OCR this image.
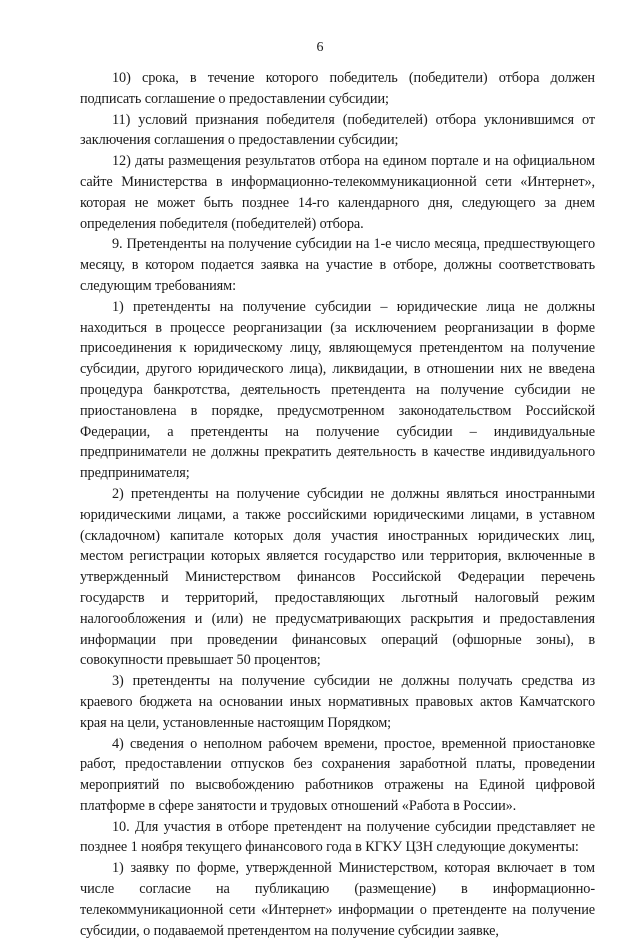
6

10) срока, в течение которого победитель (победители) отбора должен подписать соглашение о предоставлении субсидии;

11) условий признания победителя (победителей) отбора уклонившимся от заключения соглашения о предоставлении субсидии;

12) даты размещения результатов отбора на едином портале и на официальном сайте Министерства в информационно-телекоммуникационной сети «Интернет», которая не может быть позднее 14-го календарного дня, следующего за днем определения победителя (победителей) отбора.

9. Претенденты на получение субсидии на 1-е число месяца, предшествующего месяцу, в котором подается заявка на участие в отборе, должны соответствовать следующим требованиям:

1) претенденты на получение субсидии – юридические лица не должны находиться в процессе реорганизации (за исключением реорганизации в форме присоединения к юридическому лицу, являющемуся претендентом на получение субсидии, другого юридического лица), ликвидации, в отношении них не введена процедура банкротства, деятельность претендента на получение субсидии не приостановлена в порядке, предусмотренном законодательством Российской Федерации, а претенденты на получение субсидии – индивидуальные предприниматели не должны прекратить деятельность в качестве индивидуального предпринимателя;

2) претенденты на получение субсидии не должны являться иностранными юридическими лицами, а также российскими юридическими лицами, в уставном (складочном) капитале которых доля участия иностранных юридических лиц, местом регистрации которых является государство или территория, включенные в утвержденный Министерством финансов Российской Федерации перечень государств и территорий, предоставляющих льготный налоговый режим налогообложения и (или) не предусматривающих раскрытия и предоставления информации при проведении финансовых операций (офшорные зоны), в совокупности превышает 50 процентов;

3) претенденты на получение субсидии не должны получать средства из краевого бюджета на основании иных нормативных правовых актов Камчатского края на цели, установленные настоящим Порядком;

4) сведения о неполном рабочем времени, простое, временной приостановке работ, предоставлении отпусков без сохранения заработной платы, проведении мероприятий по высвобождению работников отражены на Единой цифровой платформе в сфере занятости и трудовых отношений «Работа в России».

10. Для участия в отборе претендент на получение субсидии представляет не позднее 1 ноября текущего финансового года в КГКУ ЦЗН следующие документы:

1) заявку по форме, утвержденной Министерством, которая включает в том числе согласие на публикацию (размещение) в информационно-телекоммуникационной сети «Интернет» информации о претенденте на получение субсидии, о подаваемой претендентом на получение субсидии заявке,
